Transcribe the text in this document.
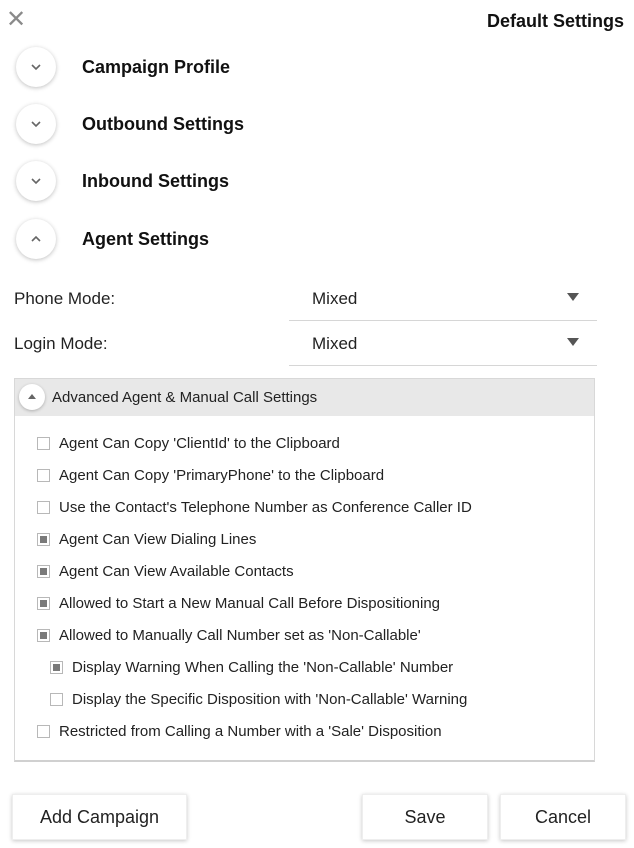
✕	Default Settings
Campaign Profile
Outbound Settings
Inbound Settings
Agent Settings
Phone Mode:	Mixed
Login Mode:	Mixed
Advanced Agent & Manual Call Settings
Agent Can Copy 'ClientId' to the Clipboard
Agent Can Copy 'PrimaryPhone' to the Clipboard
Use the Contact's Telephone Number as Conference Caller ID
Agent Can View Dialing Lines
Agent Can View Available Contacts
Allowed to Start a New Manual Call Before Dispositioning
Allowed to Manually Call Number set as 'Non-Callable'
Display Warning When Calling the 'Non-Callable' Number
Display the Specific Disposition with 'Non-Callable' Warning
Restricted from Calling a Number with a 'Sale' Disposition
Add Campaign	Save	Cancel
